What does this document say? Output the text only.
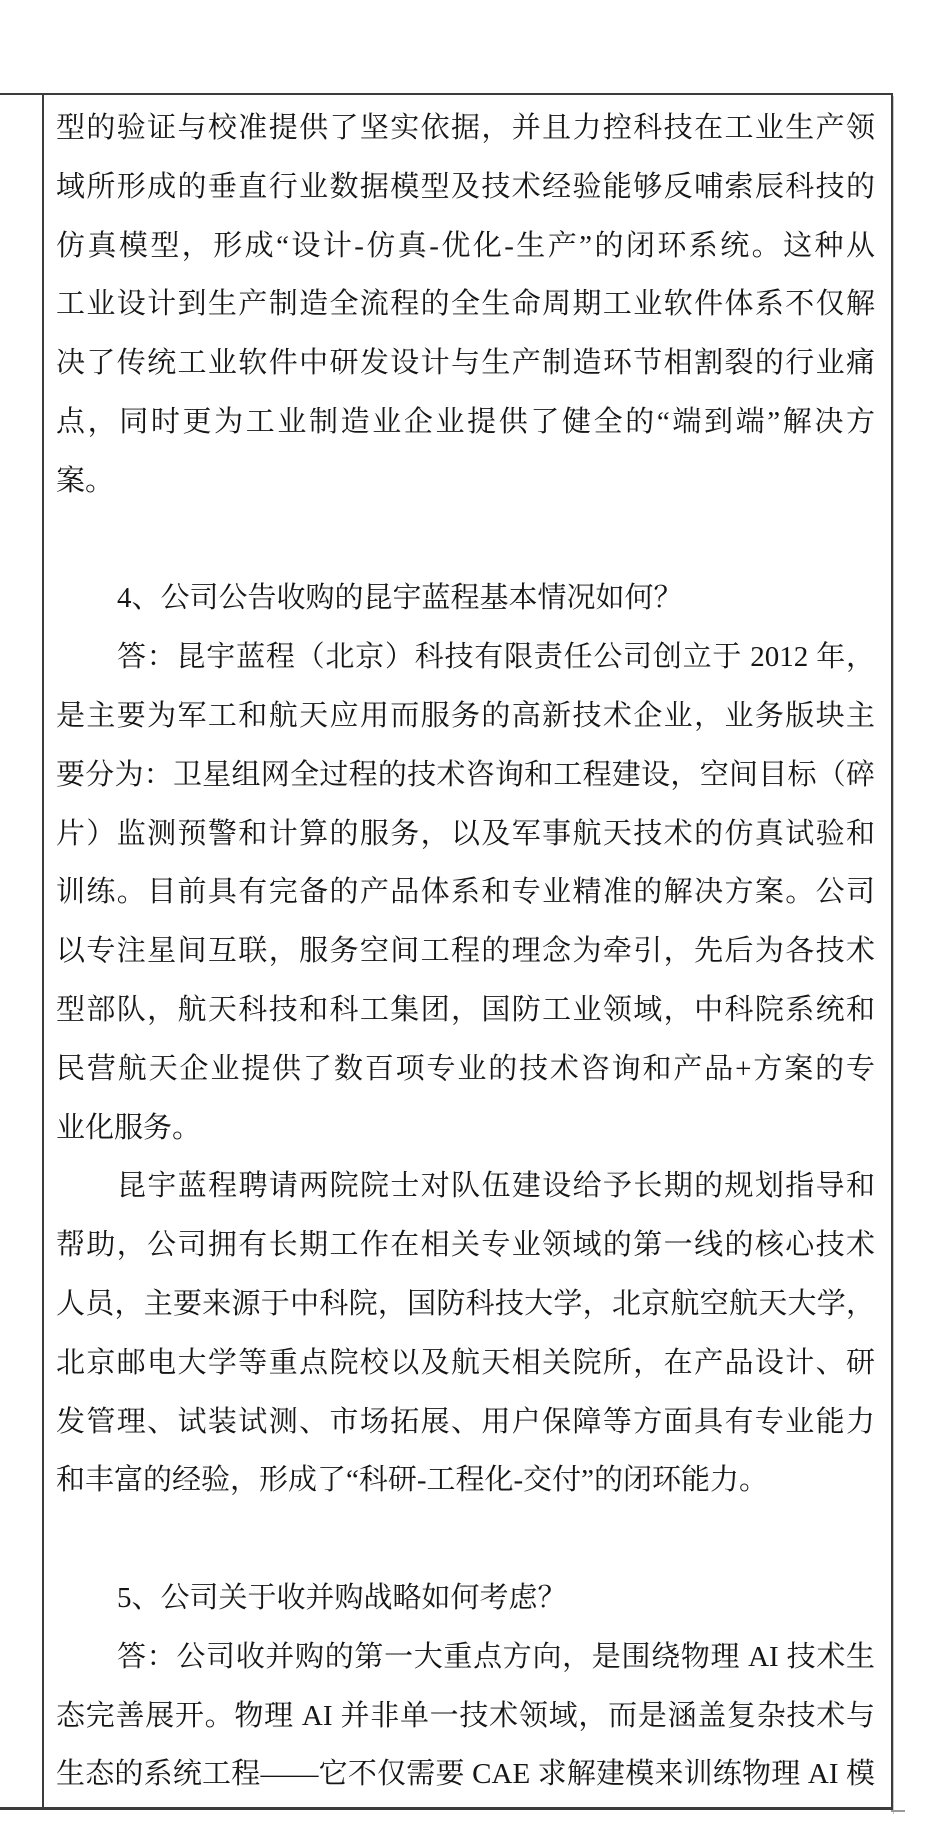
型的验证与校准提供了坚实依据，并且力控科技在工业生产领
域所形成的垂直行业数据模型及技术经验能够反哺索辰科技的
仿真模型，形成“设计-仿真-优化-生产”的闭环系统。这种从
工业设计到生产制造全流程的全生命周期工业软件体系不仅解
决了传统工业软件中研发设计与生产制造环节相割裂的行业痛
点，同时更为工业制造业企业提供了健全的“端到端”解决方
案。

4、公司公告收购的昆宇蓝程基本情况如何？
答：昆宇蓝程（北京）科技有限责任公司创立于 2012 年，
是主要为军工和航天应用而服务的高新技术企业，业务版块主
要分为：卫星组网全过程的技术咨询和工程建设，空间目标（碎
片）监测预警和计算的服务，以及军事航天技术的仿真试验和
训练。目前具有完备的产品体系和专业精准的解决方案。公司
以专注星间互联，服务空间工程的理念为牵引，先后为各技术
型部队，航天科技和科工集团，国防工业领域，中科院系统和
民营航天企业提供了数百项专业的技术咨询和产品+方案的专
业化服务。
昆宇蓝程聘请两院院士对队伍建设给予长期的规划指导和
帮助，公司拥有长期工作在相关专业领域的第一线的核心技术
人员，主要来源于中科院，国防科技大学，北京航空航天大学，
北京邮电大学等重点院校以及航天相关院所，在产品设计、研
发管理、试装试测、市场拓展、用户保障等方面具有专业能力
和丰富的经验，形成了“科研-工程化-交付”的闭环能力。

5、公司关于收并购战略如何考虑？
答：公司收并购的第一大重点方向，是围绕物理 AI 技术生
态完善展开。物理 AI 并非单一技术领域，而是涵盖复杂技术与
生态的系统工程——它不仅需要 CAE 求解建模来训练物理 AI 模
